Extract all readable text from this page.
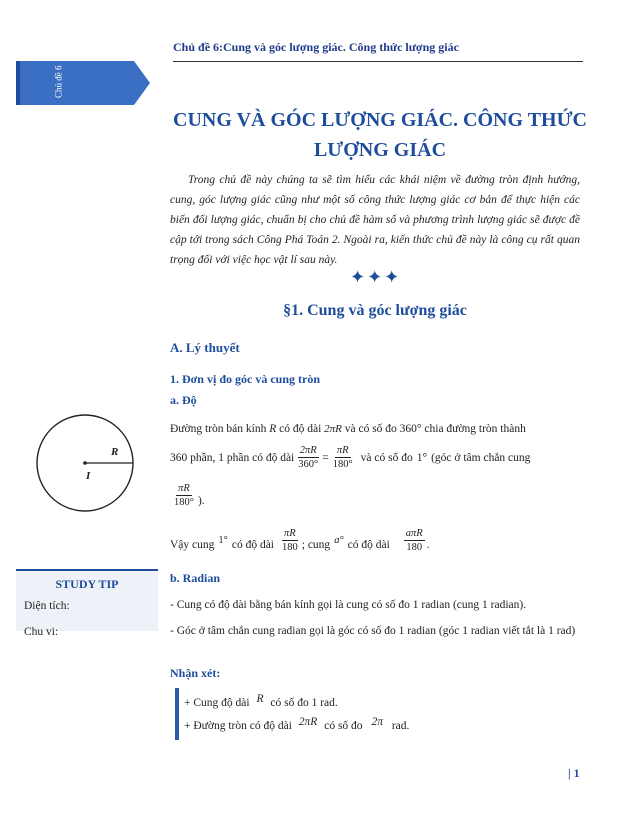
Chủ đề 6:Cung và góc lượng giác. Công thức lượng giác
Chủ đề 6
CUNG VÀ GÓC LƯỢNG GIÁC. CÔNG THỨC LƯỢNG GIÁC
Trong chủ đề này chúng ta sẽ tìm hiểu các khái niệm về đường tròn định hướng, cung, góc lượng giác cũng như một số công thức lượng giác cơ bản để thực hiện các biến đổi lượng giác, chuẩn bị cho chủ đề hàm số và phương trình lượng giác sẽ được đề cập tới trong sách Công Phá Toán 2. Ngoài ra, kiến thức chủ đề này là công cụ rất quan trọng đối với việc học vật lí sau này.
✦✦✦
§1. Cung và góc lượng giác
A. Lý thuyết
1. Đơn vị đo góc và cung tròn
a. Độ
R
I
Đường tròn bán kính R có độ dài 2πR và có số đo 360° chia đường tròn thành
360 phần, 1 phần có độ dài $\frac{2\pi R}{360^\circ} = \frac{\pi R}{180^\circ}$ và có số đo 1° (góc ở tâm chắn cung
$\frac{\pi R}{180^\circ}$ ).
Vậy cung 1° có độ dài $\frac{\pi R}{180}$ ; cung a° có độ dài $\frac{\text{aπR}}{180}$ .
STUDY TIP
Diện tích:
Chu vi:
b. Radian
- Cung có độ dài bằng bán kính gọi là cung có số đo 1 radian (cung 1 radian).
- Góc ở tâm chắn cung radian gọi là góc có số đo 1 radian (góc 1 radian viết tắt là 1 rad)
Nhận xét:
+ Cung độ dài R có số đo 1 rad.
+ Đường tròn có độ dài 2πR có số đo 2π rad.
| 1
